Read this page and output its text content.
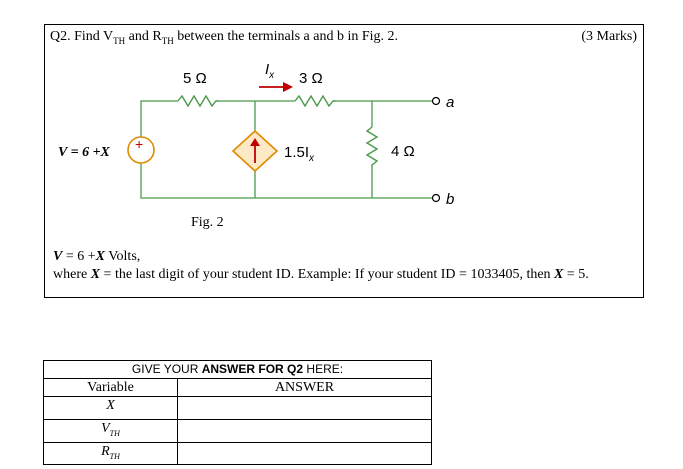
Q2. Find $V_{TH}$ and $R_{TH}$ between the terminals a and b in Fig. 2.	(3 Marks)
+
5 Ω	3 Ω
4 Ω
$I_x$
$1.5I_x$
a
b
V = 6 +X
Fig. 2
V = 6 +X Volts,
where X = the last digit of your student ID. Example: If your student ID = 1033405, then X = 5.
GIVE YOUR ANSWER FOR Q2 HERE:	
Variable	ANSWER
X	
$V_{TH}$	
$R_{TH}$	
